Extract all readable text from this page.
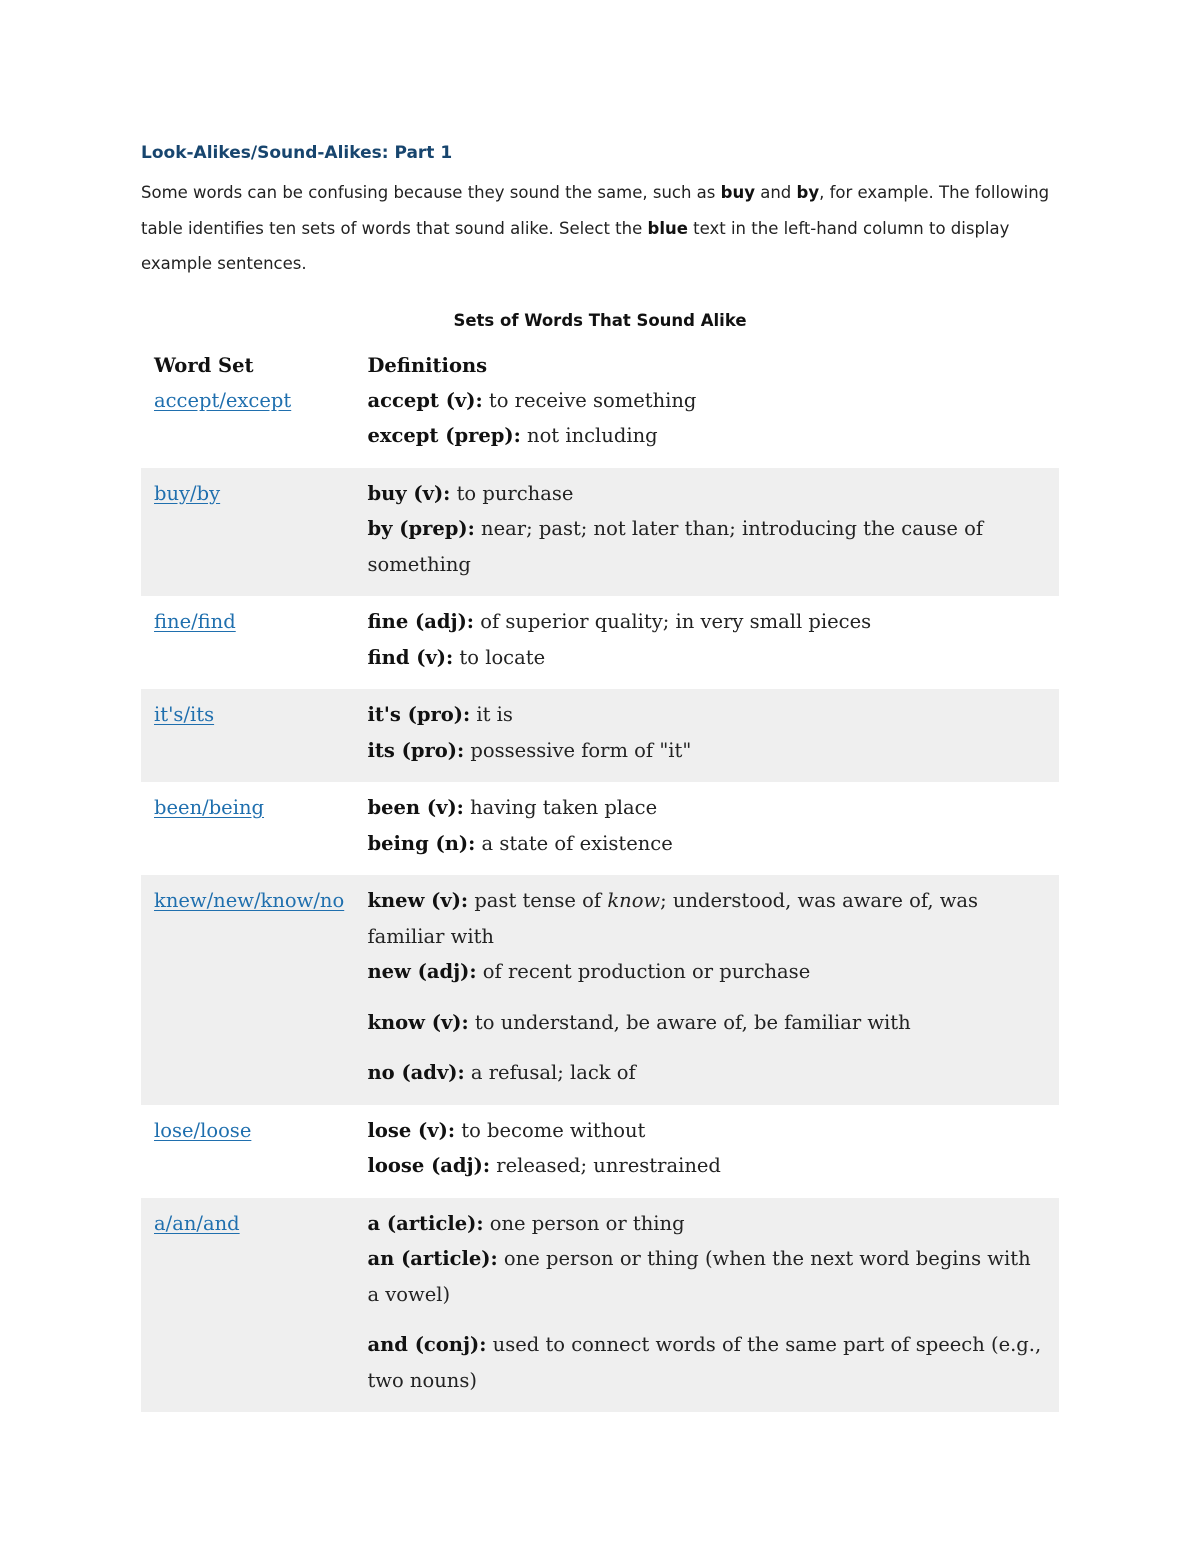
Look-Alikes/Sound-Alikes: Part 1

Some words can be confusing because they sound the same, such as buy and by, for example. The following table identifies ten sets of words that sound alike. Select the blue text in the left-hand column to display example sentences.

Sets of Words That Sound Alike
Word Set	Definitions
accept/except	accept (v): to receive something
except (prep): not including

buy/by	buy (v): to purchase
by (prep): near; past; not later than; introducing the cause of something

fine/find	fine (adj): of superior quality; in very small pieces
find (v): to locate

it's/its	it's (pro): it is
its (pro): possessive form of "it"

been/being	been (v): having taken place
being (n): a state of existence

knew/new/know/no	knew (v): past tense of know; understood, was aware of, was familiar with
new (adj): of recent production or purchase
know (v): to understand, be aware of, be familiar with
no (adv): a refusal; lack of

lose/loose	lose (v): to become without
loose (adj): released; unrestrained

a/an/and	a (article): one person or thing
an (article): one person or thing (when the next word begins with a vowel)
and (conj): used to connect words of the same part of speech (e.g., two nouns)
